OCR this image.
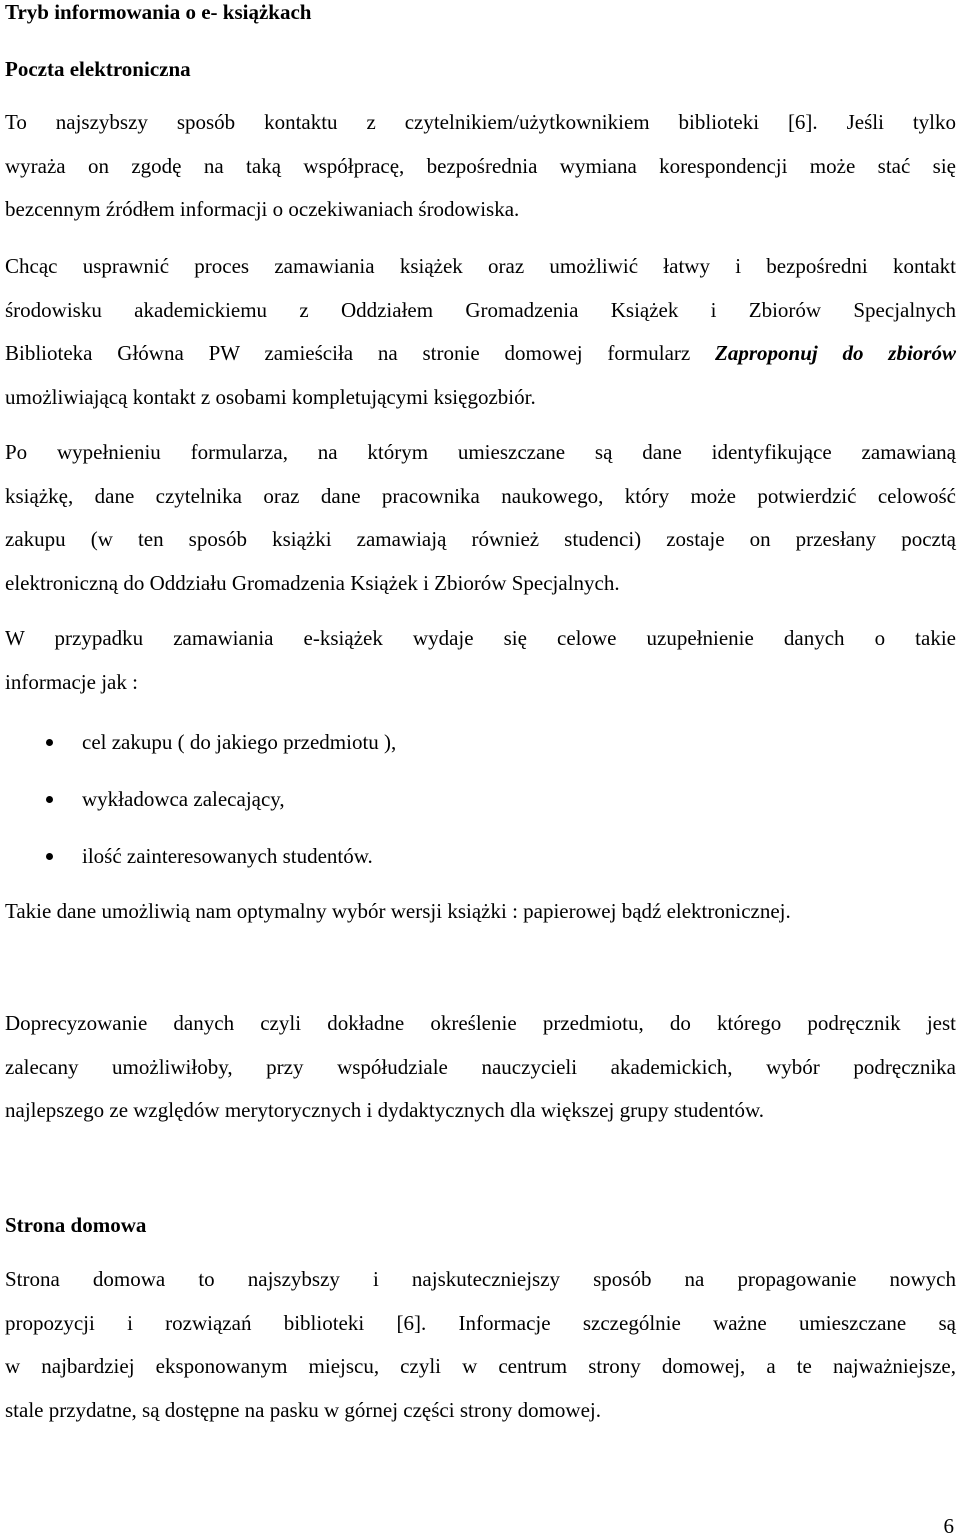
Tryb informowania o e- książkach
Poczta elektroniczna
To najszybszy sposób kontaktu z czytelnikiem/użytkownikiem biblioteki [6]. Jeśli tylko
wyraża on zgodę na taką współpracę, bezpośrednia wymiana korespondencji może stać się
bezcennym źródłem informacji o oczekiwaniach środowiska.
Chcąc usprawnić proces zamawiania książek oraz umożliwić łatwy i bezpośredni kontakt
środowisku akademickiemu z Oddziałem Gromadzenia Książek i Zbiorów Specjalnych
Biblioteka Główna PW zamieściła na stronie domowej formularz Zaproponuj do zbiorów
umożliwiającą kontakt z osobami kompletującymi księgozbiór.
Po wypełnieniu formularza, na którym umieszczane są dane identyfikujące zamawianą
książkę, dane czytelnika oraz dane pracownika naukowego, który może potwierdzić celowość
zakupu (w ten sposób książki zamawiają również studenci) zostaje on przesłany pocztą
elektroniczną do Oddziału Gromadzenia Książek i Zbiorów Specjalnych.
W przypadku zamawiania e-książek wydaje się celowe uzupełnienie danych o takie
informacje jak :
cel zakupu ( do jakiego przedmiotu ),
wykładowca zalecający,
ilość zainteresowanych studentów.
Takie dane umożliwią nam optymalny wybór wersji książki : papierowej bądź elektronicznej.
Doprecyzowanie danych czyli dokładne określenie przedmiotu, do którego podręcznik jest
zalecany umożliwiłoby, przy współudziale nauczycieli akademickich, wybór podręcznika
najlepszego ze względów merytorycznych i dydaktycznych dla większej grupy studentów.
Strona domowa
Strona domowa to najszybszy i najskuteczniejszy sposób na propagowanie nowych
propozycji i rozwiązań biblioteki [6]. Informacje szczególnie ważne umieszczane są
w najbardziej eksponowanym miejscu, czyli w centrum strony domowej, a te najważniejsze,
stale przydatne, są dostępne na pasku w górnej części strony domowej.
6
